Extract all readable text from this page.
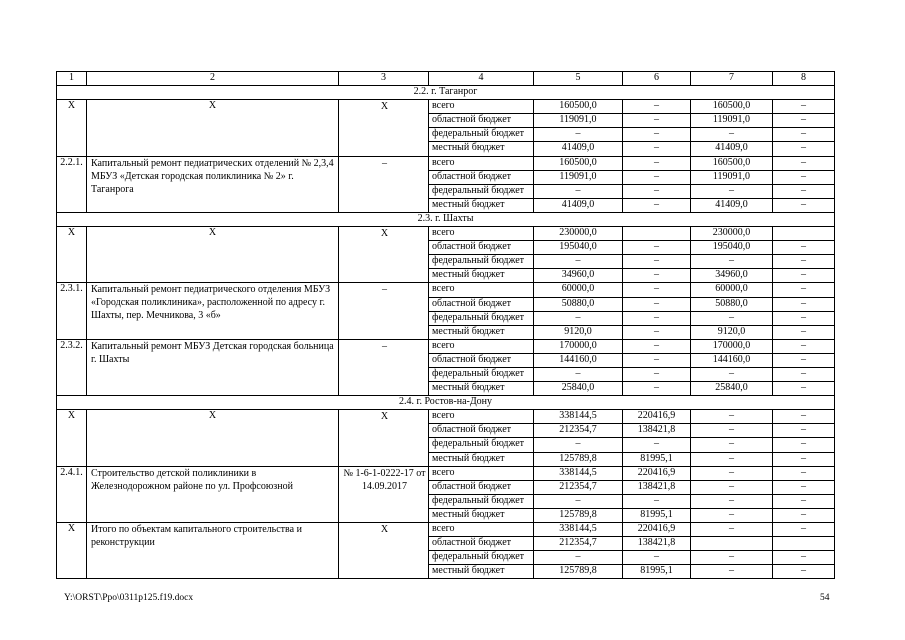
1	2	3	4	5	6	7	8
2.2. г. Таганрог							
X	X	X	всего	160500,0	–	160500,0	–
			областной бюджет	119091,0	–	119091,0	–
			федеральный бюджет	–	–	–	–
			местный бюджет	41409,0	–	41409,0	–
2.2.1.	Капитальный ремонт педиатрических отделений № 2,3,4 МБУЗ «Детская городская поликлиника № 2» г. Таганрога	–	всего	160500,0	–	160500,0	–
			областной бюджет	119091,0	–	119091,0	–
			федеральный бюджет	–	–	–	–
			местный бюджет	41409,0	–	41409,0	–
2.3. г. Шахты							
X	X	X	всего	230000,0		230000,0	
			областной бюджет	195040,0	–	195040,0	–
			федеральный бюджет	–	–	–	–
			местный бюджет	34960,0	–	34960,0	–
2.3.1.	Капитальный ремонт педиатрического отделения МБУЗ «Городская поликлиника», расположенной по адресу г. Шахты, пер. Мечникова, 3 «б»	–	всего	60000,0	–	60000,0	–
			областной бюджет	50880,0	–	50880,0	–
			федеральный бюджет	–	–	–	–
			местный бюджет	9120,0	–	9120,0	–
2.3.2.	Капитальный ремонт МБУЗ Детская городская больница г. Шахты	–	всего	170000,0	–	170000,0	–
			областной бюджет	144160,0	–	144160,0	–
			федеральный бюджет	–	–	–	–
			местный бюджет	25840,0	–	25840,0	–
2.4. г. Ростов-на-Дону							
X	X	X	всего	338144,5	220416,9	–	–
			областной бюджет	212354,7	138421,8	–	–
			федеральный бюджет	–	–	–	–
			местный бюджет	125789,8	81995,1	–	–
2.4.1.	Строительство детской поликлиники в Железнодорожном районе по ул. Профсоюзной	№ 1-6-1-0222-17 от 14.09.2017	всего	338144,5	220416,9	–	–
			областной бюджет	212354,7	138421,8	–	–
			федеральный бюджет	–	–	–	–
			местный бюджет	125789,8	81995,1	–	–
X	Итого по объектам капитального строительства и реконструкции	X	всего	338144,5	220416,9	–	–
			областной бюджет	212354,7	138421,8		
			федеральный бюджет	–	–	–	–
			местный бюджет	125789,8	81995,1	–	–
Y:\ORST\Ppo\0311p125.f19.docx	54
